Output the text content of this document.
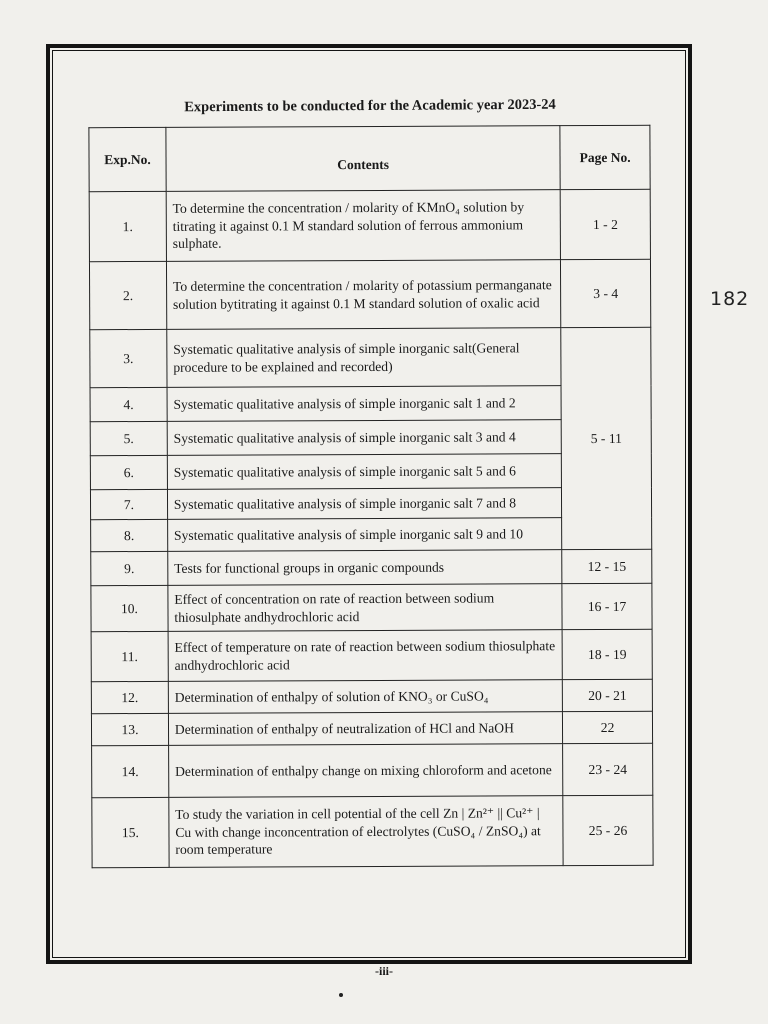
Experiments to be conducted for the Academic year 2023-24
Exp.No.	Contents	Page No.
1.	To determine the concentration / molarity of KMnO₄ solution by titrating it against 0.1 M standard solution of ferrous ammonium sulphate.	1 - 2
2.	To determine the concentration / molarity of potassium permanganate solution bytitrating it against 0.1 M standard solution of oxalic acid	3 - 4
3.	Systematic qualitative analysis of simple inorganic salt(General procedure to be explained and recorded)	5 - 11
4.	Systematic qualitative analysis of simple inorganic salt 1 and 2	
5.	Systematic qualitative analysis of simple inorganic salt 3 and 4	
6.	Systematic qualitative analysis of simple inorganic salt 5 and 6	
7.	Systematic qualitative analysis of simple inorganic salt 7 and 8	
8.	Systematic qualitative analysis of simple inorganic salt 9 and 10	
9.	Tests for functional groups in organic compounds	12 - 15
10.	Effect of concentration on rate of reaction between sodium thiosulphate andhydrochloric acid	16 - 17
11.	Effect of temperature on rate of reaction between sodium thiosulphate andhydrochloric acid	18 - 19
12.	Determination of enthalpy of solution of KNO₃ or CuSO₄	20 - 21
13.	Determination of enthalpy of neutralization of HCl and NaOH	22
14.	Determination of enthalpy change on mixing chloroform and acetone	23 - 24
15.	To study the variation in cell potential of the cell Zn | Zn²⁺ || Cu²⁺ | Cu with change inconcentration of electrolytes (CuSO₄ / ZnSO₄) at room temperature	25 - 26
182
-iii-
